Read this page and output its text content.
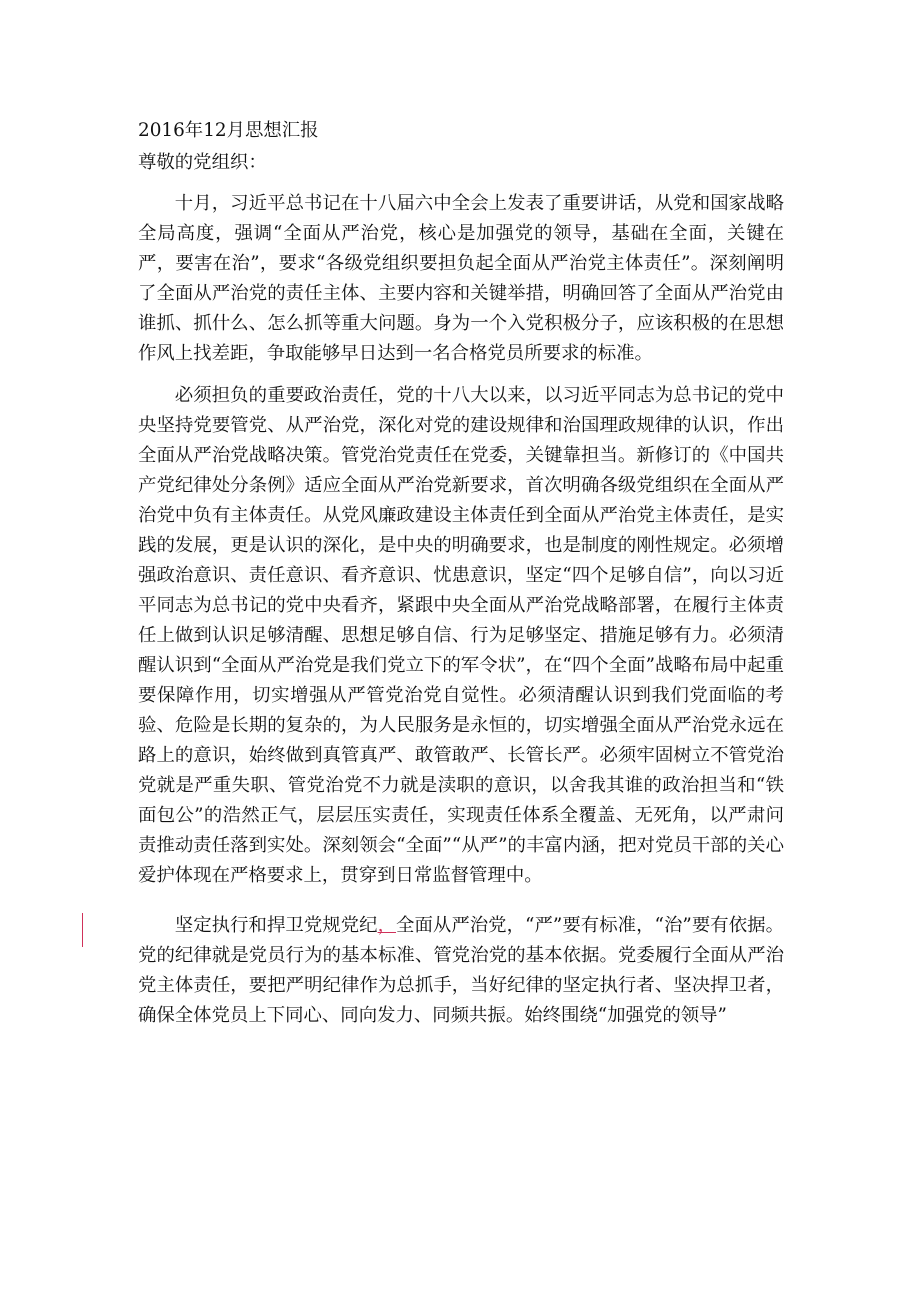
2016年12月思想汇报
尊敬的党组织：
十月，习近平总书记在十八届六中全会上发表了重要讲话，从党和国家战略全局高度，强调“全面从严治党，核心是加强党的领导，基础在全面，关键在严，要害在治”，要求“各级党组织要担负起全面从严治党主体责任”。深刻阐明了全面从严治党的责任主体、主要内容和关键举措，明确回答了全面从严治党由谁抓、抓什么、怎么抓等重大问题。身为一个入党积极分子，应该积极的在思想作风上找差距，争取能够早日达到一名合格党员所要求的标准。
必须担负的重要政治责任，党的十八大以来，以习近平同志为总书记的党中央坚持党要管党、从严治党，深化对党的建设规律和治国理政规律的认识，作出全面从严治党战略决策。管党治党责任在党委，关键靠担当。新修订的《中国共产党纪律处分条例》适应全面从严治党新要求，首次明确各级党组织在全面从严治党中负有主体责任。从党风廉政建设主体责任到全面从严治党主体责任，是实践的发展，更是认识的深化，是中央的明确要求，也是制度的刚性规定。必须增强政治意识、责任意识、看齐意识、忧患意识，坚定“四个足够自信”，向以习近平同志为总书记的党中央看齐，紧跟中央全面从严治党战略部署，在履行主体责任上做到认识足够清醒、思想足够自信、行为足够坚定、措施足够有力。必须清醒认识到“全面从严治党是我们党立下的军令状”，在“四个全面”战略布局中起重要保障作用，切实增强从严管党治党自觉性。必须清醒认识到我们党面临的考验、危险是长期的复杂的，为人民服务是永恒的，切实增强全面从严治党永远在路上的意识，始终做到真管真严、敢管敢严、长管长严。必须牢固树立不管党治党就是严重失职、管党治党不力就是渎职的意识，以舍我其谁的政治担当和“铁面包公”的浩然正气，层层压实责任，实现责任体系全覆盖、无死角，以严肃问责推动责任落到实处。深刻领会“全面”“从严”的丰富内涵，把对党员干部的关心爱护体现在严格要求上，贯穿到日常监督管理中。
坚定执行和捍卫党规党纪，全面从严治党，“严”要有标准，“治”要有依据。党的纪律就是党员行为的基本标准、管党治党的基本依据。党委履行全面从严治党主体责任，要把严明纪律作为总抓手，当好纪律的坚定执行者、坚决捍卫者，确保全体党员上下同心、同向发力、同频共振。始终围绕“加强党的领导”
